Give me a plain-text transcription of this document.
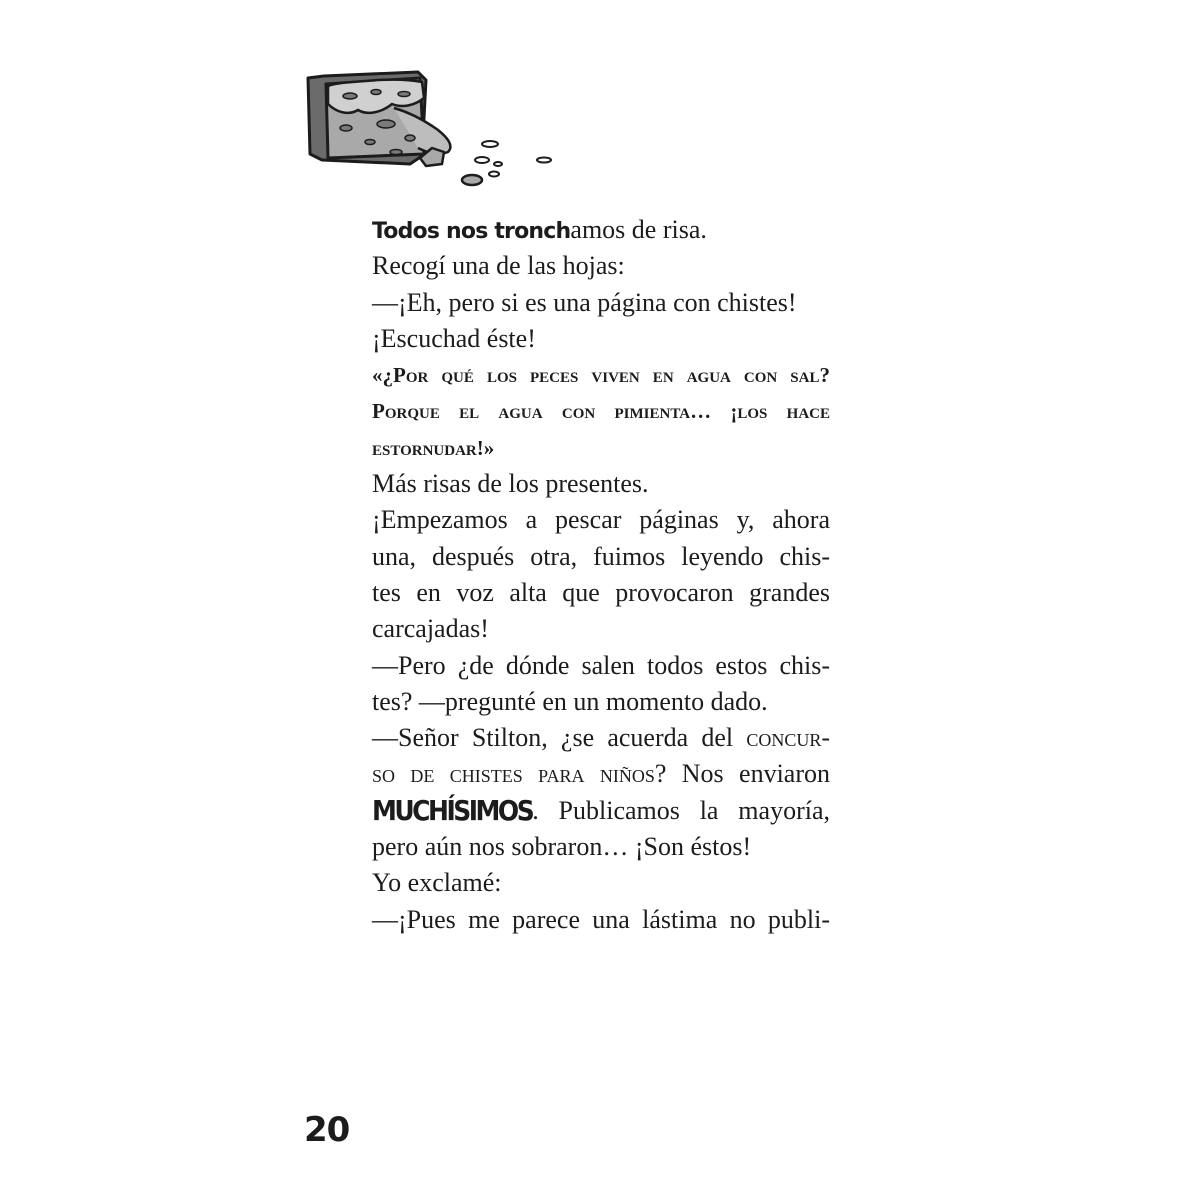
Todos nos tronchamos de risa.
Recogí una de las hojas:
—¡Eh, pero si es una página con chistes!
¡Escuchad éste!
«¿Por qué los peces viven en agua con sal?
Porque el agua con pimienta… ¡los hace
estornudar!»
Más risas de los presentes.
¡Empezamos a pescar páginas y, ahora
una, después otra, fuimos leyendo chis-
tes en voz alta que provocaron grandes
carcajadas!
—Pero ¿de dónde salen todos estos chis-
tes? —pregunté en un momento dado.
—Señor Stilton, ¿se acuerda del concur-
so de chistes para niños? Nos enviaron
MUCHÍSIMOS. Publicamos la mayoría,
pero aún nos sobraron… ¡Son éstos!
Yo exclamé:
—¡Pues me parece una lástima no publi-
20
